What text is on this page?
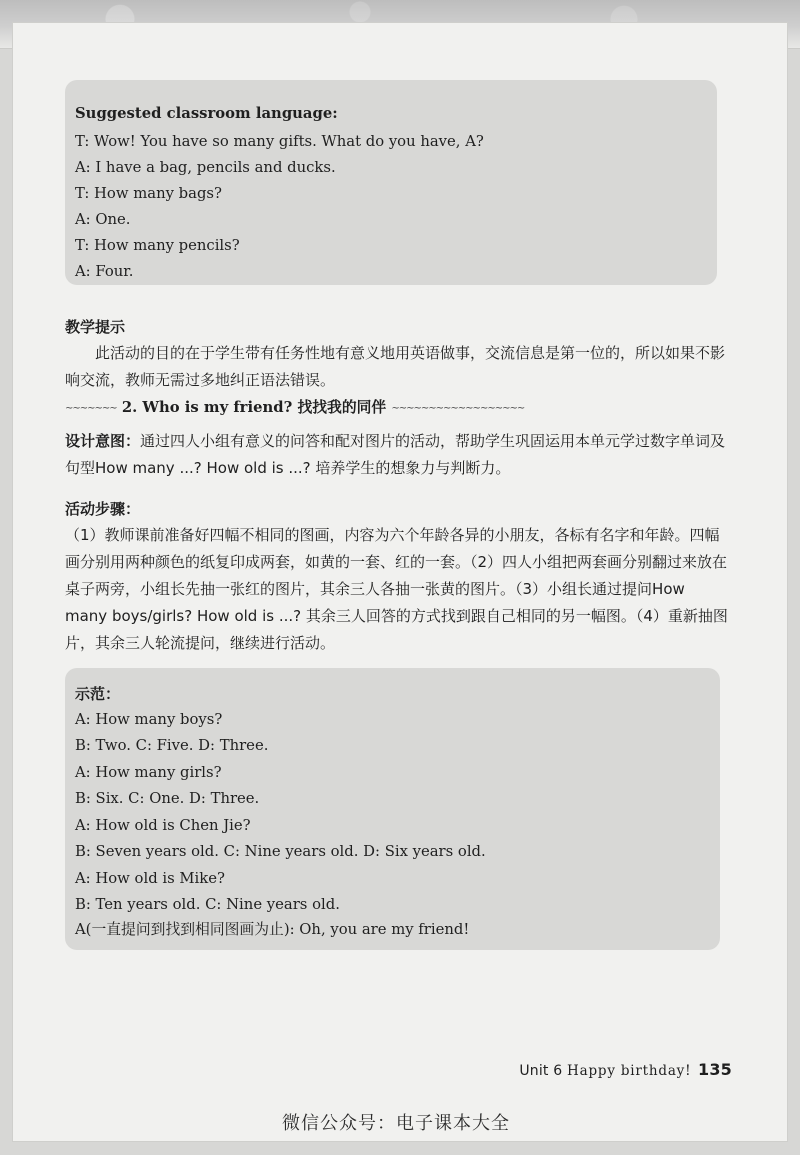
Suggested classroom language:
T: Wow! You have so many gifts. What do you have, A?
A: I have a bag, pencils and ducks.
T: How many bags?
A: One.
T: How many pencils?
A: Four.
教学提示
此活动的目的在于学生带有任务性地有意义地用英语做事，交流信息是第一位的，所以如果不影响交流，教师无需过多地纠正语法错误。
∼∼∼∼∼∼∼ 2. Who is my friend? 找找我的同伴 ∼∼∼∼∼∼∼∼∼∼∼∼∼∼∼∼∼∼
设计意图：通过四人小组有意义的问答和配对图片的活动，帮助学生巩固运用本单元学过数字单词及句型How many ...? How old is ...? 培养学生的想象力与判断力。
活动步骤：
（1）教师课前准备好四幅不相同的图画，内容为六个年龄各异的小朋友，各标有名字和年龄。四幅画分别用两种颜色的纸复印成两套，如黄的一套、红的一套。（2）四人小组把两套画分别翻过来放在桌子两旁，小组长先抽一张红的图片，其余三人各抽一张黄的图片。（3）小组长通过提问How many boys/girls? How old is ...? 其余三人回答的方式找到跟自己相同的另一幅图。（4）重新抽图片，其余三人轮流提问，继续进行活动。
示范：
A: How many boys?
B: Two. C: Five. D: Three.
A: How many girls?
B: Six. C: One. D: Three.
A: How old is Chen Jie?
B: Seven years old. C: Nine years old. D: Six years old.
A: How old is Mike?
B: Ten years old. C: Nine years old.
A(一直提问到找到相同图画为止): Oh, you are my friend!
Unit 6 Happy birthday! 135
微信公众号：电子课本大全
